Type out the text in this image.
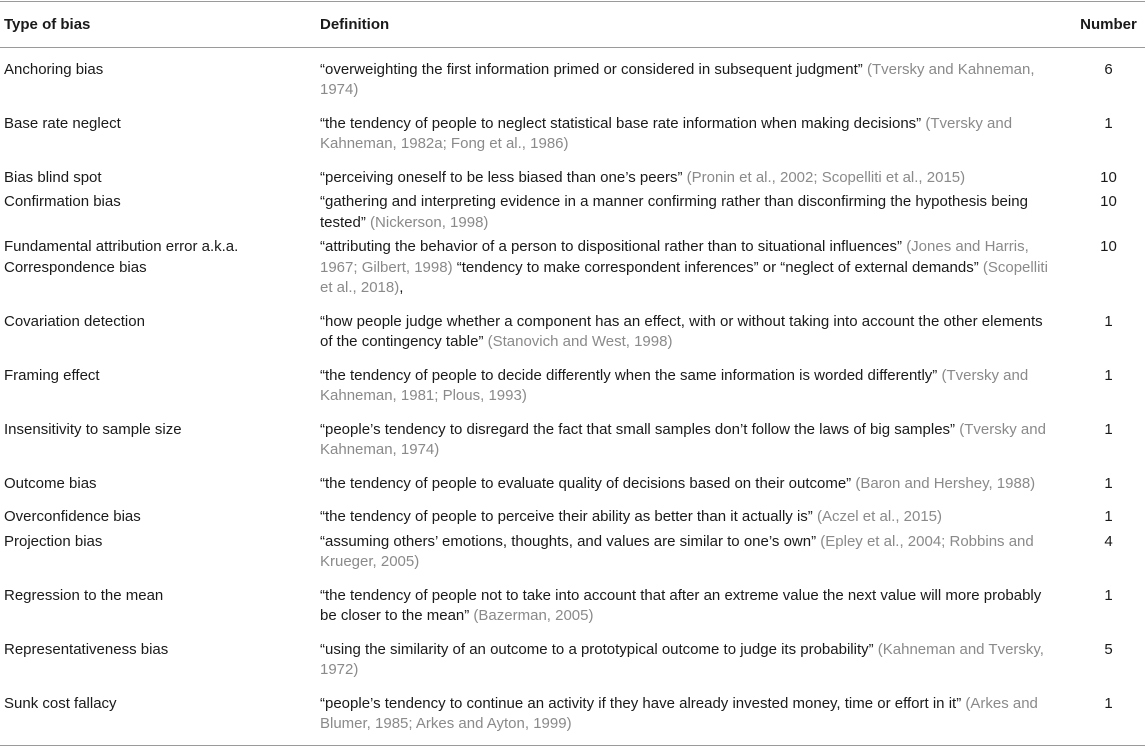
Type of bias	Definition	Number
Anchoring bias	“overweighting the first information primed or considered in subsequent judgment” (Tversky and Kahneman, 1974)	6
Base rate neglect	“the tendency of people to neglect statistical base rate information when making decisions” (Tversky and Kahneman, 1982a; Fong et al., 1986)	1
Bias blind spot	“perceiving oneself to be less biased than one’s peers” (Pronin et al., 2002; Scopelliti et al., 2015)	10
Confirmation bias	“gathering and interpreting evidence in a manner confirming rather than disconfirming the hypothesis being tested” (Nickerson, 1998)	10
Fundamental attribution error a.k.a. Correspondence bias	“attributing the behavior of a person to dispositional rather than to situational influences” (Jones and Harris, 1967; Gilbert, 1998) “tendency to make correspondent inferences” or “neglect of external demands” (Scopelliti et al., 2018),	10
Covariation detection	“how people judge whether a component has an effect, with or without taking into account the other elements of the contingency table” (Stanovich and West, 1998)	1
Framing effect	“the tendency of people to decide differently when the same information is worded differently” (Tversky and Kahneman, 1981; Plous, 1993)	1
Insensitivity to sample size	“people’s tendency to disregard the fact that small samples don’t follow the laws of big samples” (Tversky and Kahneman, 1974)	1
Outcome bias	“the tendency of people to evaluate quality of decisions based on their outcome” (Baron and Hershey, 1988)	1
Overconfidence bias	“the tendency of people to perceive their ability as better than it actually is” (Aczel et al., 2015)	1
Projection bias	“assuming others’ emotions, thoughts, and values are similar to one’s own” (Epley et al., 2004; Robbins and Krueger, 2005)	4
Regression to the mean	“the tendency of people not to take into account that after an extreme value the next value will more probably be closer to the mean” (Bazerman, 2005)	1
Representativeness bias	“using the similarity of an outcome to a prototypical outcome to judge its probability” (Kahneman and Tversky, 1972)	5
Sunk cost fallacy	“people’s tendency to continue an activity if they have already invested money, time or effort in it” (Arkes and Blumer, 1985; Arkes and Ayton, 1999)	1
